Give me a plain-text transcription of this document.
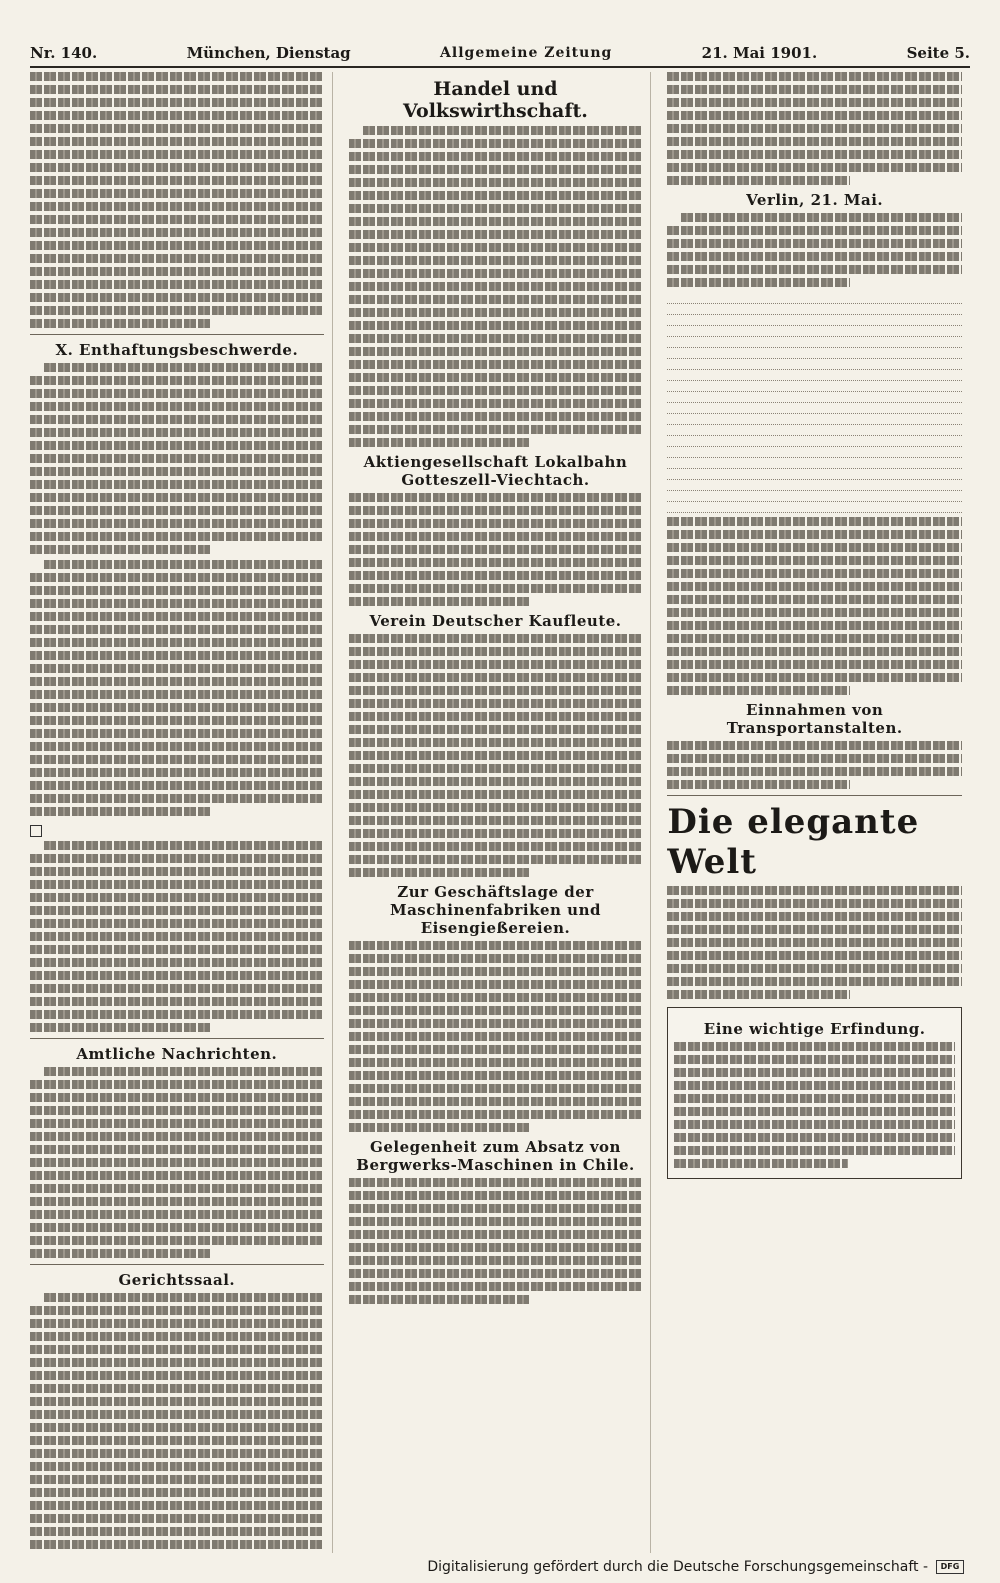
Nr. 140.	München, Dienstag	Allgemeine Zeitung	21. Mai 1901.	Seite 5.
X. Enthaftungsbeschwerde.
Amtliche Nachrichten.
Gerichtssaal.
Handel und Volkswirthschaft.
Aktiengesellschaft Lokalbahn Gotteszell-Viechtach.
Verein Deutscher Kaufleute.
Zur Geschäftslage der Maschinenfabriken und Eisengießereien.
Gelegenheit zum Absatz von Bergwerks-Maschinen in Chile.
Verlin, 21. Mai.

Einnahmen von Transportanstalten.
Die elegante Welt
Eine wichtige Erfindung.
Digitalisierung gefördert durch die Deutsche Forschungsgemeinschaft -	DFG
